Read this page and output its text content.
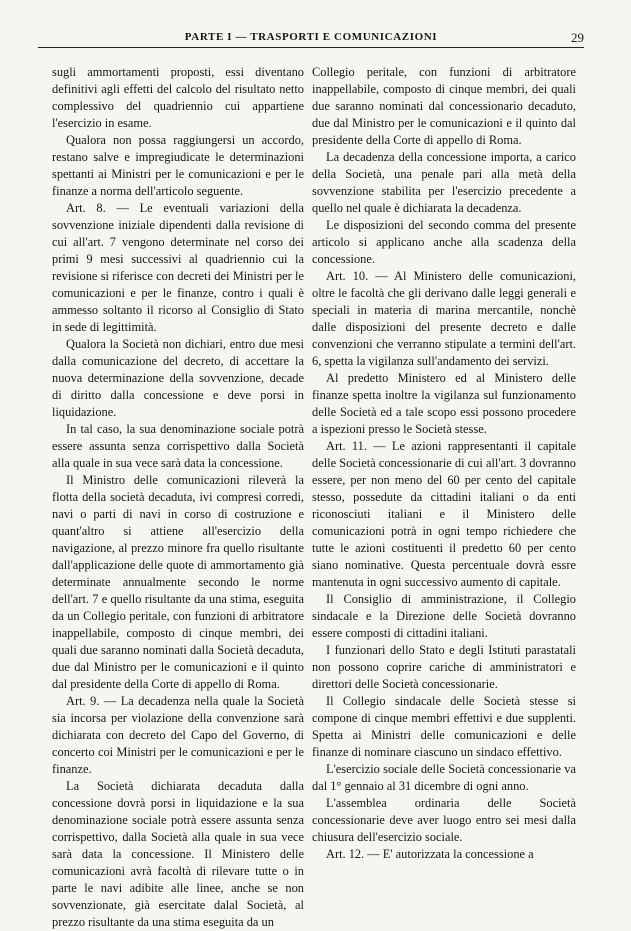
PARTE I — TRASPORTI E COMUNICAZIONI	29

sugli ammortamenti proposti, essi diventano definitivi agli effetti del calcolo del risultato netto complessivo del quadriennio cui appartiene l'esercizio in esame.

Qualora non possa raggiungersi un accordo, restano salve e impregiudicate le determinazioni spettanti ai Ministri per le comunicazioni e per le finanze a norma dell'articolo seguente.

Art. 8. — Le eventuali variazioni della sovvenzione iniziale dipendenti dalla revisione di cui all'art. 7 vengono determinate nel corso dei primi 9 mesi successivi al quadriennio cui la revisione si riferisce con decreti dei Ministri per le comunicazioni e per le finanze, contro i quali è ammesso soltanto il ricorso al Consiglio di Stato in sede di legittimità.

Qualora la Società non dichiari, entro due mesi dalla comunicazione del decreto, di accettare la nuova determinazione della sovvenzione, decade di diritto dalla concessione e deve porsi in liquidazione.

In tal caso, la sua denominazione sociale potrà essere assunta senza corrispettivo dalla Società alla quale in sua vece sarà data la concessione.

Il Ministro delle comunicazioni rileverà la flotta della società decaduta, ivi compresi corredi, navi o parti di navi in corso di costruzione e quant'altro si attiene all'esercizio della navigazione, al prezzo minore fra quello risultante dall'applicazione delle quote di ammortamento già determinate annualmente secondo le norme dell'art. 7 e quello risultante da una stima, eseguita da un Collegio peritale, con funzioni di arbitratore inappellabile, composto di cinque membri, dei quali due saranno nominati dalla Società decaduta, due dal Ministro per le comunicazioni e il quinto dal presidente della Corte di appello di Roma.

Art. 9. — La decadenza nella quale la Società sia incorsa per violazione della convenzione sarà dichiarata con decreto del Capo del Governo, di concerto coi Ministri per le comunicazioni e per le finanze.

La Società dichiarata decaduta dalla concessione dovrà porsi in liquidazione e la sua denominazione sociale potrà essere assunta senza corrispettivo, dalla Società alla quale in sua vece sarà data la concessione. Il Ministero delle comunicazioni avrà facoltà di rilevare tutte o in parte le navi adibite alle linee, anche se non sovvenzionate, già esercitate dalal Società, al prezzo risultante da una stima eseguita da un

Collegio peritale, con funzioni di arbitratore inappellabile, composto di cinque membri, dei quali due saranno nominati dal concessionario decaduto, due dal Ministro per le comunicazioni e il quinto dal presidente della Corte di appello di Roma.

La decadenza della concessione importa, a carico della Società, una penale pari alla metà della sovvenzione stabilita per l'esercizio precedente a quello nel quale è dichiarata la decadenza.

Le disposizioni del secondo comma del presente articolo si applicano anche alla scadenza della concessione.

Art. 10. — Al Ministero delle comunicazioni, oltre le facoltà che gli derivano dalle leggi generali e speciali in materia di marina mercantile, nonchè dalle disposizioni del presente decreto e dalle convenzioni che verranno stipulate a termini dell'art. 6, spetta la vigilanza sull'andamento dei servizi.

Al predetto Ministero ed al Ministero delle finanze spetta inoltre la vigilanza sul funzionamento delle Società ed a tale scopo essi possono procedere a ispezioni presso le Società stesse.

Art. 11. — Le azioni rappresentanti il capitale delle Società concessionarie di cui all'art. 3 dovranno essere, per non meno del 60 per cento del capitale stesso, possedute da cittadini italiani o da enti riconosciuti italiani e il Ministero delle comunicazioni potrà in ogni tempo richiedere che tutte le azioni costituenti il predetto 60 per cento siano nominative. Questa percentuale dovrà essre mantenuta in ogni successivo aumento di capitale.

Il Consiglio di amministrazione, il Collegio sindacale e la Direzione delle Società dovranno essere composti di cittadini italiani.

I funzionari dello Stato e degli Istituti parastatali non possono coprire cariche di amministratori e direttori delle Società concessionarie.

Il Collegio sindacale delle Società stesse si compone di cinque membri effettivi e due supplenti. Spetta ai Ministri delle comunicazioni e delle finanze di nominare ciascuno un sindaco effettivo.

L'esercizio sociale delle Società concessionarie va dal 1° gennaio al 31 dicembre di ogni anno.

L'assemblea ordinaria delle Società concessionarie deve aver luogo entro sei mesi dalla chiusura dell'esercizio sociale.

Art. 12. — E' autorizzata la concessione a
